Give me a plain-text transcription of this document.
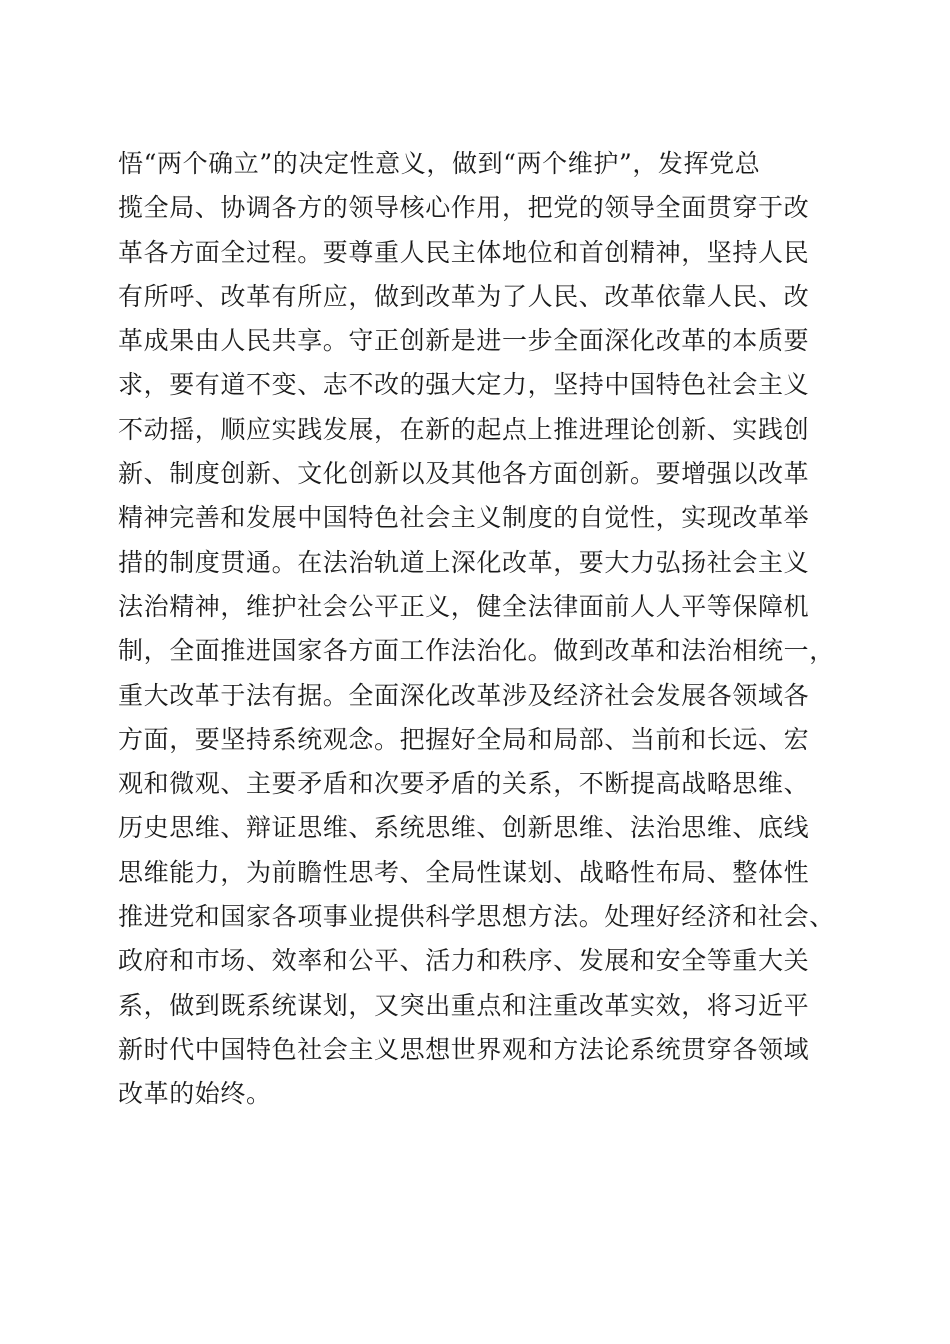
悟“两个确立”的决定性意义，做到“两个维护”，发挥党总
揽全局、协调各方的领导核心作用，把党的领导全面贯穿于改
革各方面全过程。要尊重人民主体地位和首创精神，坚持人民
有所呼、改革有所应，做到改革为了人民、改革依靠人民、改
革成果由人民共享。守正创新是进一步全面深化改革的本质要
求，要有道不变、志不改的强大定力，坚持中国特色社会主义
不动摇，顺应实践发展，在新的起点上推进理论创新、实践创
新、制度创新、文化创新以及其他各方面创新。要增强以改革
精神完善和发展中国特色社会主义制度的自觉性，实现改革举
措的制度贯通。在法治轨道上深化改革，要大力弘扬社会主义
法治精神，维护社会公平正义，健全法律面前人人平等保障机
制，全面推进国家各方面工作法治化。做到改革和法治相统一，
重大改革于法有据。全面深化改革涉及经济社会发展各领域各
方面，要坚持系统观念。把握好全局和局部、当前和长远、宏
观和微观、主要矛盾和次要矛盾的关系，不断提高战略思维、
历史思维、辩证思维、系统思维、创新思维、法治思维、底线
思维能力，为前瞻性思考、全局性谋划、战略性布局、整体性
推进党和国家各项事业提供科学思想方法。处理好经济和社会、
政府和市场、效率和公平、活力和秩序、发展和安全等重大关
系，做到既系统谋划，又突出重点和注重改革实效，将习近平
新时代中国特色社会主义思想世界观和方法论系统贯穿各领域
改革的始终。
